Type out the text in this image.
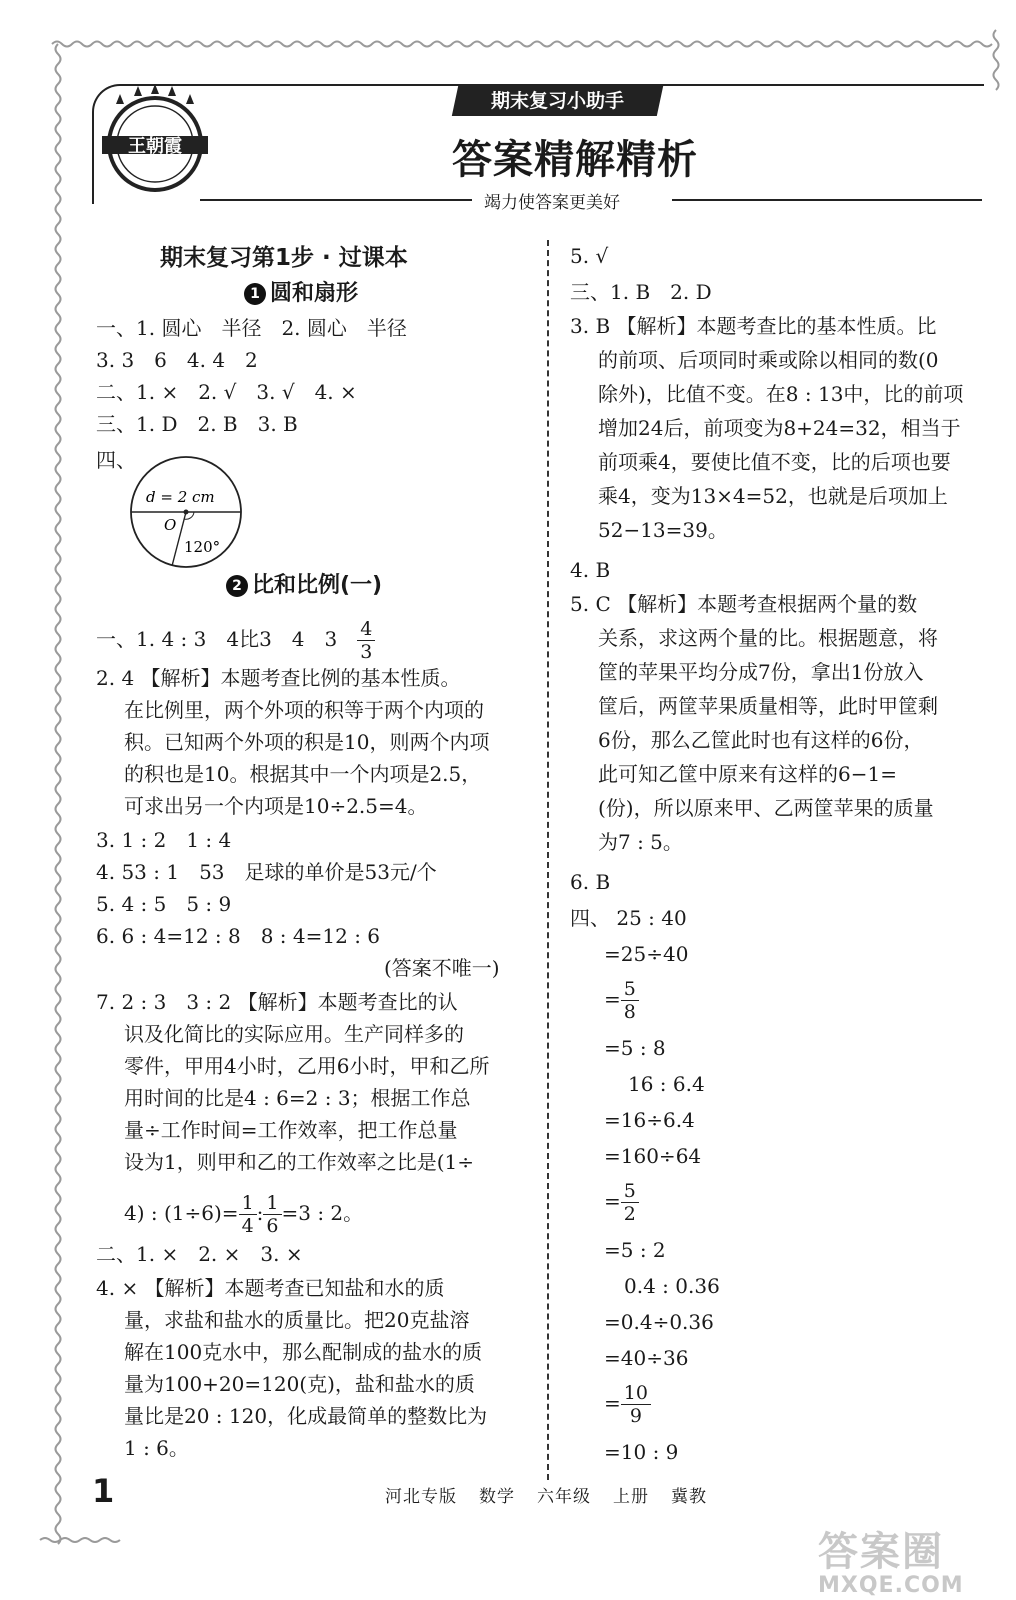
王朝霞
期末复习小助手
答案精解精析
竭力使答案更美好
期末复习第1步 · 过课本
1 圆和扇形
一、1. 圆心　半径　2. 圆心　半径
3. 3　6　4. 4　2
二、1. ×　2. √　3. √　4. ×
三、1. D　2. B　3. B
四、
d = 2 cm
O
120°
2 比和比例(一)
一、1. 4 : 3　4比3　4　3　 $\frac{4}{3}$
2. 4 【解析】本题考查比例的基本性质。
在比例里，两个外项的积等于两个内项的
积。已知两个外项的积是10，则两个内项
的积也是10。根据其中一个内项是2.5，
可求出另一个内项是10÷2.5=4。
3. 1 : 2　1 : 4
4. 53 : 1　53　足球的单价是53元/个
5. 4 : 5　5 : 9
6. 6 : 4=12 : 8　8 : 4=12 : 6
(答案不唯一)
7. 2 : 3　3 : 2 【解析】本题考查比的认
识及化简比的实际应用。生产同样多的
零件，甲用4小时，乙用6小时，甲和乙所
用时间的比是4 : 6=2 : 3；根据工作总
量÷工作时间=工作效率，把工作总量
设为1，则甲和乙的工作效率之比是(1÷
4) : $(1\div 6)= \frac{1}{4}$ : $\frac{1}{6} =3$ : 2。
二、1. ×　2. ×　3. ×
4. × 【解析】本题考查已知盐和水的质
量，求盐和盐水的质量比。把20克盐溶
解在100克水中，那么配制成的盐水的质
量为100+20=120(克)，盐和盐水的质
量比是20 : 120，化成最简单的整数比为
1 : 6。
5. √
三、1. B　2. D
3. B 【解析】本题考查比的基本性质。比
的前项、后项同时乘或除以相同的数(0
除外)，比值不变。在8 : 13中，比的前项
增加24后，前项变为8+24=32，相当于
前项乘4，要使比值不变，比的后项也要
乘4，变为13×4=52，也就是后项加上
52−13=39。
4. B
5. C 【解析】本题考查根据两个量的数
关系，求这两个量的比。根据题意，将
筐的苹果平均分成7份，拿出1份放入
筐后，两筐苹果质量相等，此时甲筐剩
6份，那么乙筐此时也有这样的6份，
此可知乙筐中原来有这样的6−1=
(份)，所以原来甲、乙两筐苹果的质量
为7 : 5。
6. B
四、 25 : 40
=25÷40
= $\frac{5}{8}$
=5 : 8
16 : 6.4
=16÷6.4
=160÷64
= $\frac{5}{2}$
=5 : 2
0.4 : 0.36
=0.4÷0.36
=40÷36
= $\frac{10}{9}$
=10 : 9
1	河北专版 数学 六年级 上册 冀教
答案圈
MXQE.COM
